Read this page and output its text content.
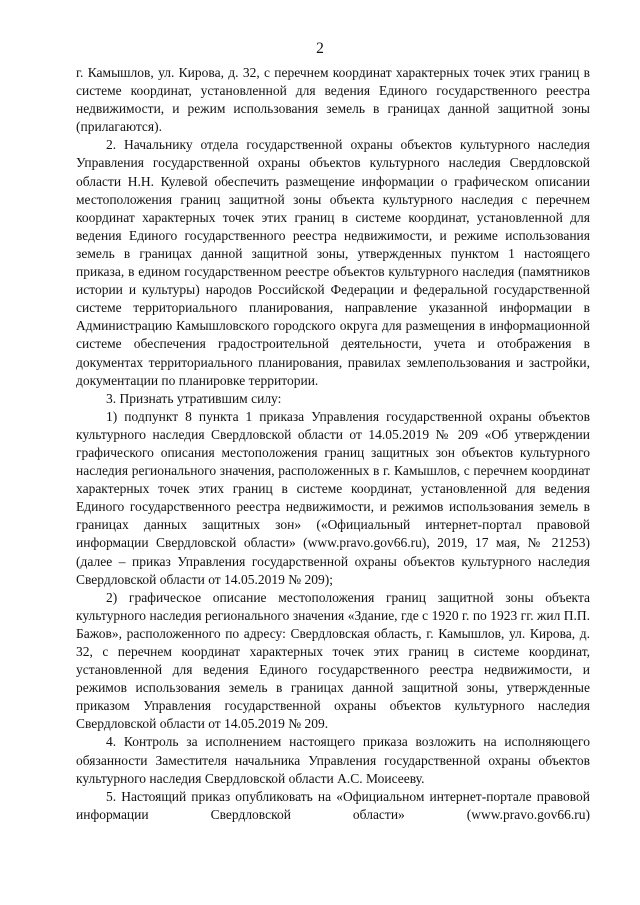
2

г. Камышлов, ул. Кирова, д. 32, с перечнем координат характерных точек этих границ в системе координат, установленной для ведения Единого государственного реестра недвижимости, и режим использования земель в границах данной защитной зоны (прилагаются).

2. Начальнику отдела государственной охраны объектов культурного наследия Управления государственной охраны объектов культурного наследия Свердловской области Н.Н. Кулевой обеспечить размещение информации о графическом описании местоположения границ защитной зоны объекта культурного наследия с перечнем координат характерных точек этих границ в системе координат, установленной для ведения Единого государственного реестра недвижимости, и режиме использования земель в границах данной защитной зоны, утвержденных пунктом 1 настоящего приказа, в едином государственном реестре объектов культурного наследия (памятников истории и культуры) народов Российской Федерации и федеральной государственной системе территориального планирования, направление указанной информации в Администрацию Камышловского городского округа для размещения в информационной системе обеспечения градостроительной деятельности, учета и отображения в документах территориального планирования, правилах землепользования и застройки, документации по планировке территории.

3. Признать утратившим силу:

1) подпункт 8 пункта 1 приказа Управления государственной охраны объектов культурного наследия Свердловской области от 14.05.2019 № 209 «Об утверждении графического описания местоположения границ защитных зон объектов культурного наследия регионального значения, расположенных в г. Камышлов, с перечнем координат характерных точек этих границ в системе координат, установленной для ведения Единого государственного реестра недвижимости, и режимов использования земель в границах данных защитных зон» («Официальный интернет-портал правовой информации Свердловской области» (www.pravo.gov66.ru), 2019, 17 мая, № 21253) (далее – приказ Управления государственной охраны объектов культурного наследия Свердловской области от 14.05.2019 № 209);

2) графическое описание местоположения границ защитной зоны объекта культурного наследия регионального значения «Здание, где с 1920 г. по 1923 гг. жил П.П. Бажов», расположенного по адресу: Свердловская область, г. Камышлов, ул. Кирова, д. 32, с перечнем координат характерных точек этих границ в системе координат, установленной для ведения Единого государственного реестра недвижимости, и режимов использования земель в границах данной защитной зоны, утвержденные приказом Управления государственной охраны объектов культурного наследия Свердловской области от 14.05.2019 № 209.

4. Контроль за исполнением настоящего приказа возложить на исполняющего обязанности Заместителя начальника Управления государственной охраны объектов культурного наследия Свердловской области А.С. Моисееву.

5. Настоящий приказ опубликовать на «Официальном интернет-портале правовой информации Свердловской области» (www.pravo.gov66.ru)
